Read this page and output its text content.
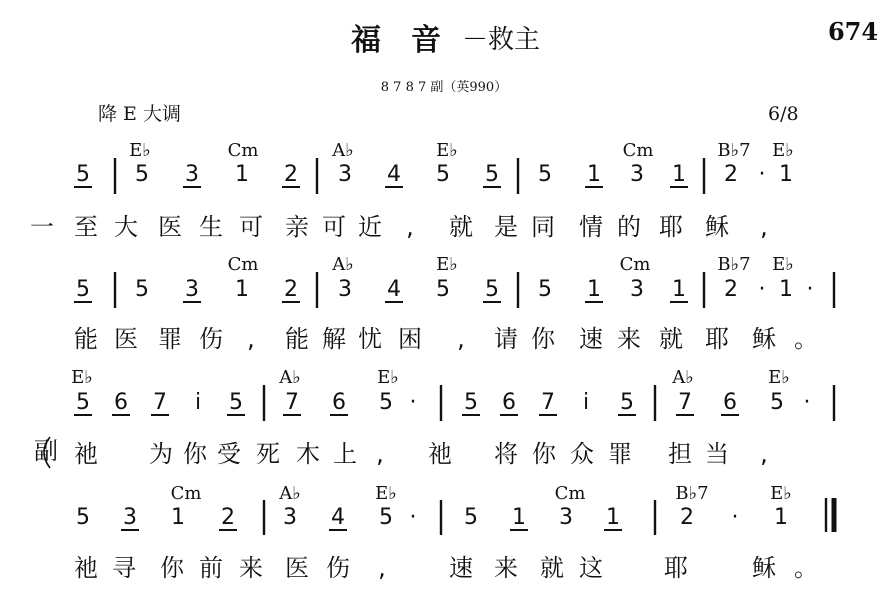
福　音 －救主	674
8 7 8 7 副（英990）
降 E 大调	6/8
E♭	Cm	A♭	E♭	Cm	B♭7 E♭
5 5 3 1 2 3 4 5 5 5 1 3 1 2 · 1
一 至 大 医 生 可 亲 可 近 , 就 是 同 情 的 耶 稣 ,
Cm	A♭	E♭	Cm	B♭7 E♭
5 5 3 1 2 3 4 5 5 5 1 3 1 2 · 1 ·
能 医 罪 伤 , 能 解 忧 困 , 请 你 速 来 就 耶 稣 。
E♭	A♭	E♭	A♭	E♭
5 6 7 i 5 7 6 5 · 5 6 7 i 5 7 6 5 ·
祂 为 你 受 死 木 上 , 祂 将 你 众 罪 担 当 ,
副
Cm	A♭	E♭	Cm	B♭7	E♭
5 3 1 2 3 4 5 · 5 1 3 1	2 · 1
祂 寻 你 前 来 医 伤 ,	速 来 就 这	耶	稣 。
